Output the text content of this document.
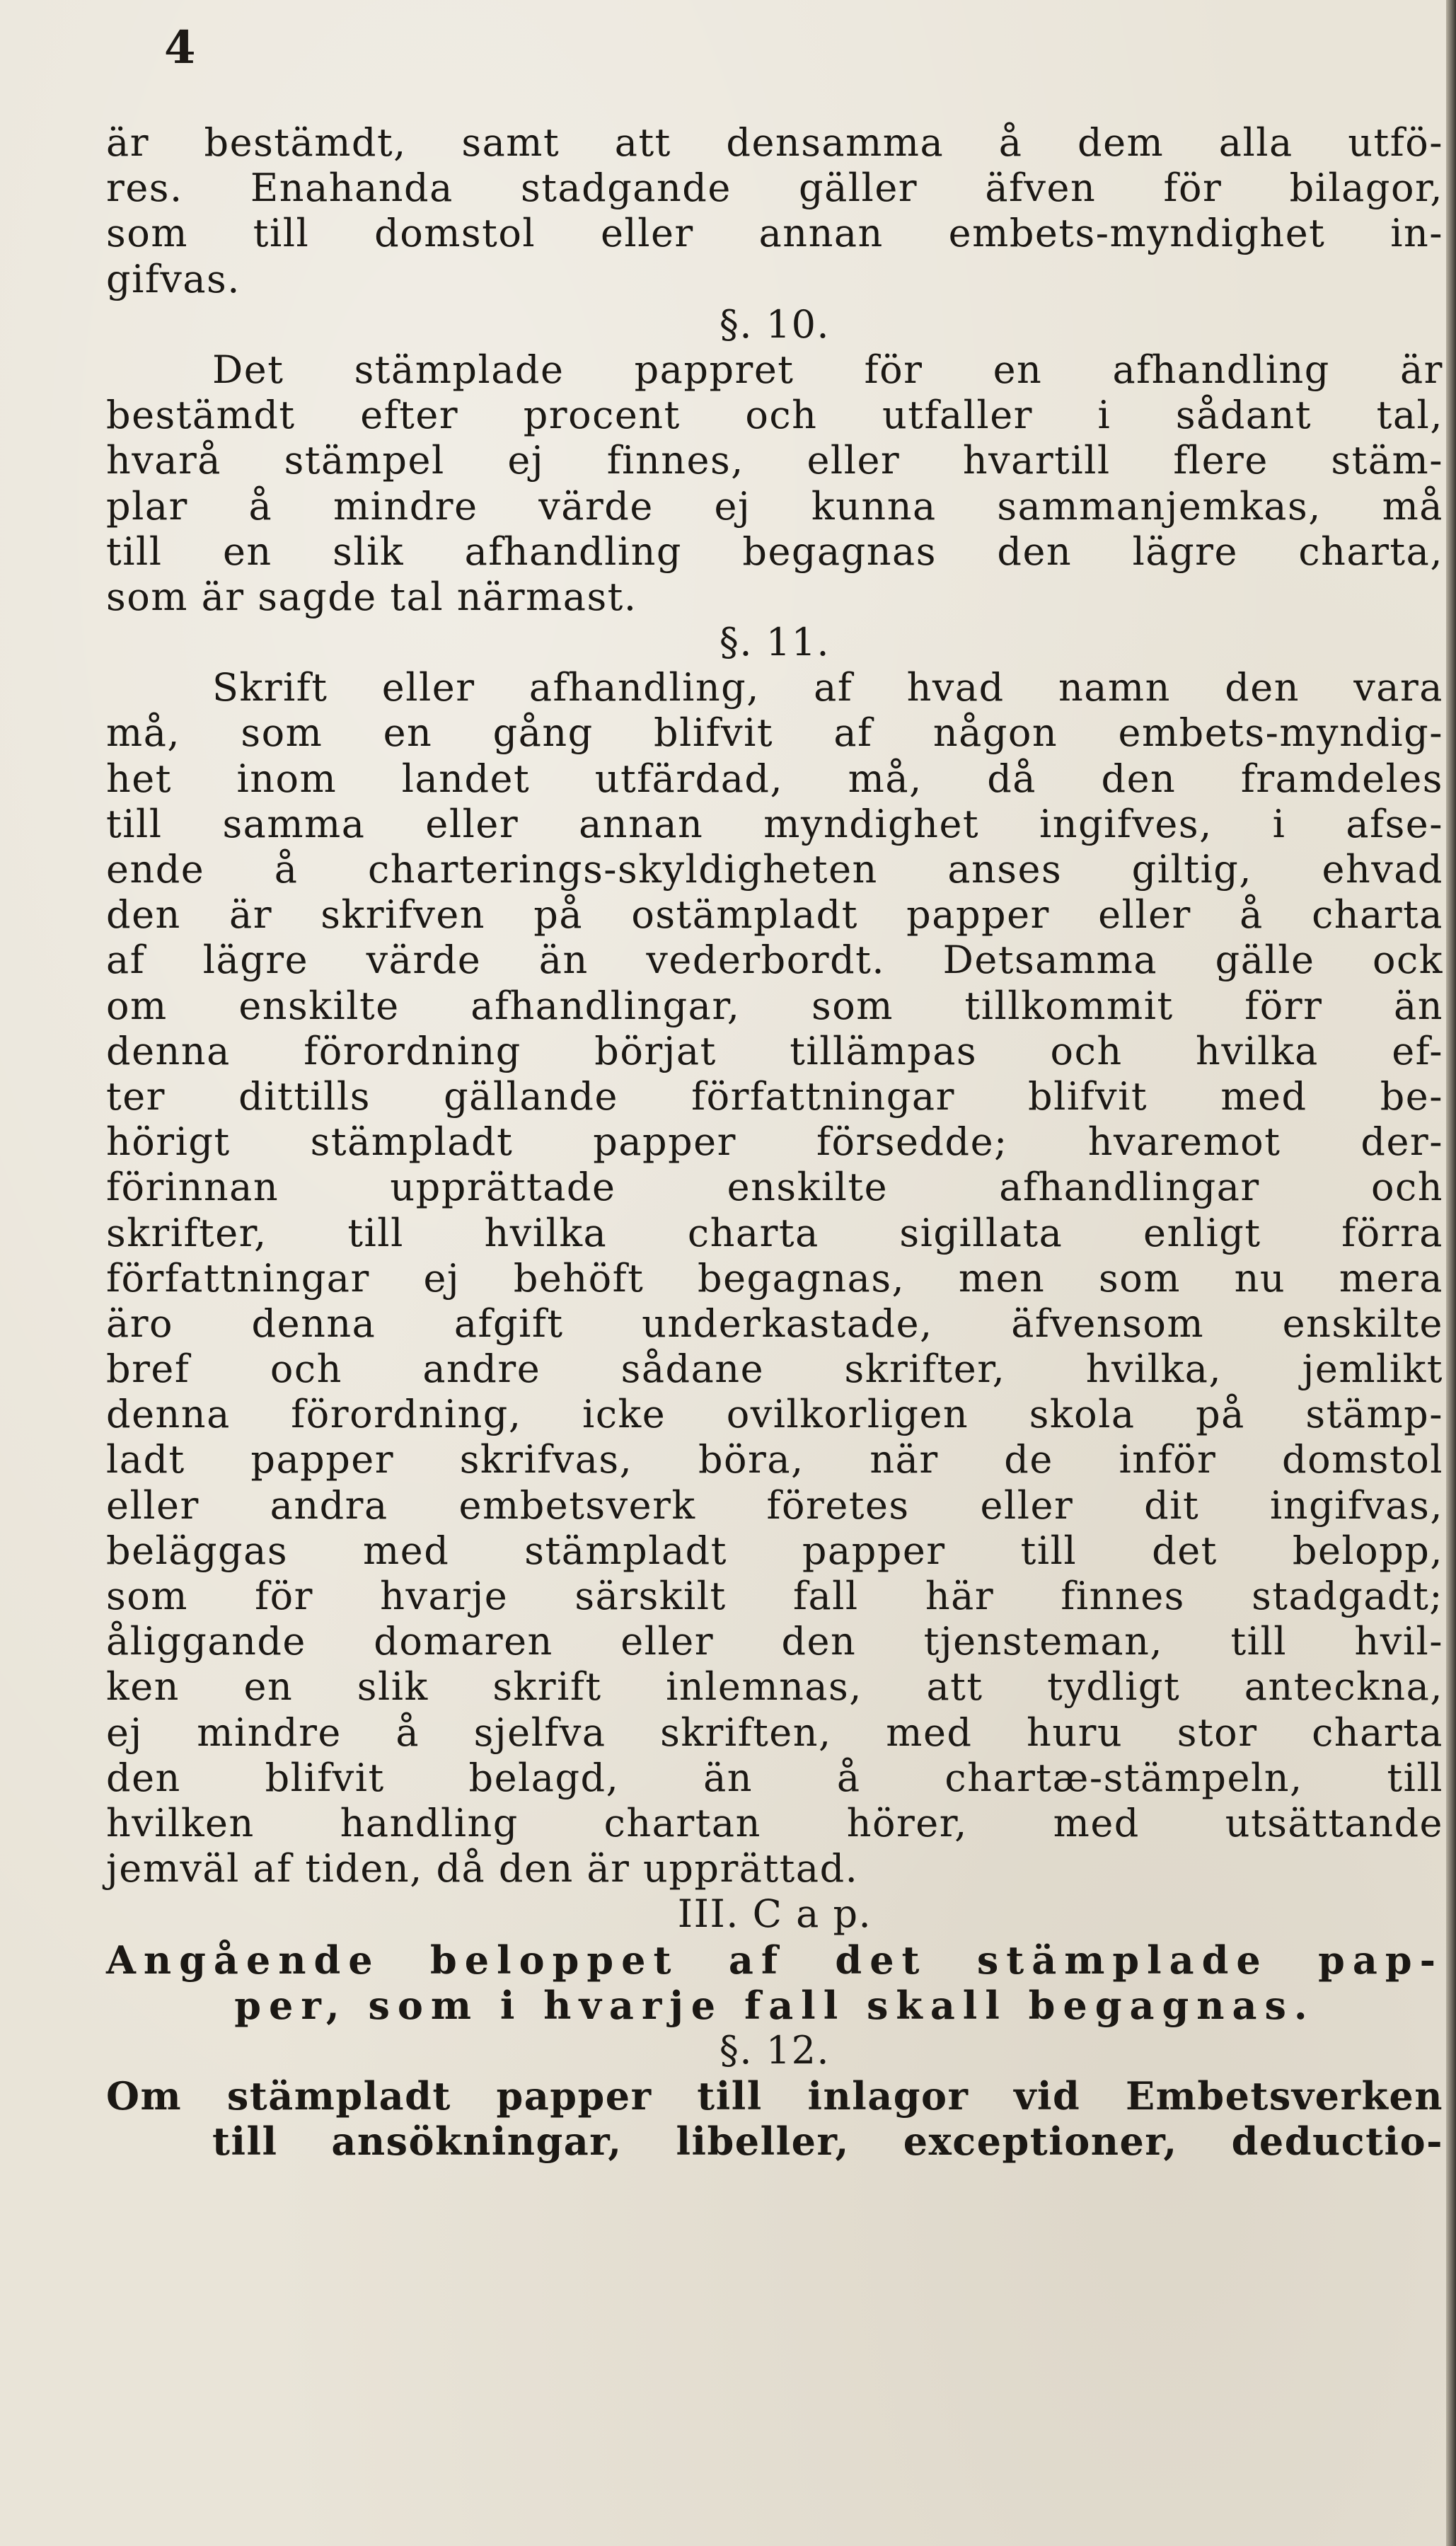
4
är bestämdt, samt att densamma å dem alla utfö-
res. Enahanda stadgande gäller äfven för bilagor,
som till domstol eller annan embets-myndighet in-
gifvas.
§. 10.
Det stämplade pappret för en afhandling är
bestämdt efter procent och utfaller i sådant tal,
hvarå stämpel ej finnes, eller hvartill flere stäm-
plar å mindre värde ej kunna sammanjemkas, må
till en slik afhandling begagnas den lägre charta,
som är sagde tal närmast.
§. 11.
Skrift eller afhandling, af hvad namn den vara
må, som en gång blifvit af någon embets-myndig-
het inom landet utfärdad, må, då den framdeles
till samma eller annan myndighet ingifves, i afse-
ende å charterings-skyldigheten anses giltig, ehvad
den är skrifven på ostämpladt papper eller å charta
af lägre värde än vederbordt. Detsamma gälle ock
om enskilte afhandlingar, som tillkommit förr än
denna förordning börjat tillämpas och hvilka ef-
ter dittills gällande författningar blifvit med be-
hörigt stämpladt papper försedde; hvaremot der-
förinnan upprättade enskilte afhandlingar och
skrifter, till hvilka charta sigillata enligt förra
författningar ej behöft begagnas, men som nu mera
äro denna afgift underkastade, äfvensom enskilte
bref och andre sådane skrifter, hvilka, jemlikt
denna förordning, icke ovilkorligen skola på stämp-
ladt papper skrifvas, böra, när de inför domstol
eller andra embetsverk företes eller dit ingifvas,
beläggas med stämpladt papper till det belopp,
som för hvarje särskilt fall här finnes stadgadt;
åliggande domaren eller den tjensteman, till hvil-
ken en slik skrift inlemnas, att tydligt anteckna,
ej mindre å sjelfva skriften, med huru stor charta
den blifvit belagd, än å chartæ-stämpeln, till
hvilken handling chartan hörer, med utsättande
jemväl af tiden, då den är upprättad.
III. C a p.
Angående beloppet af det stämplade pap-
per, som i hvarje fall skall begagnas.
§. 12.
Om stämpladt papper till inlagor vid Embetsverken
till ansökningar, libeller, exceptioner, deductio-
